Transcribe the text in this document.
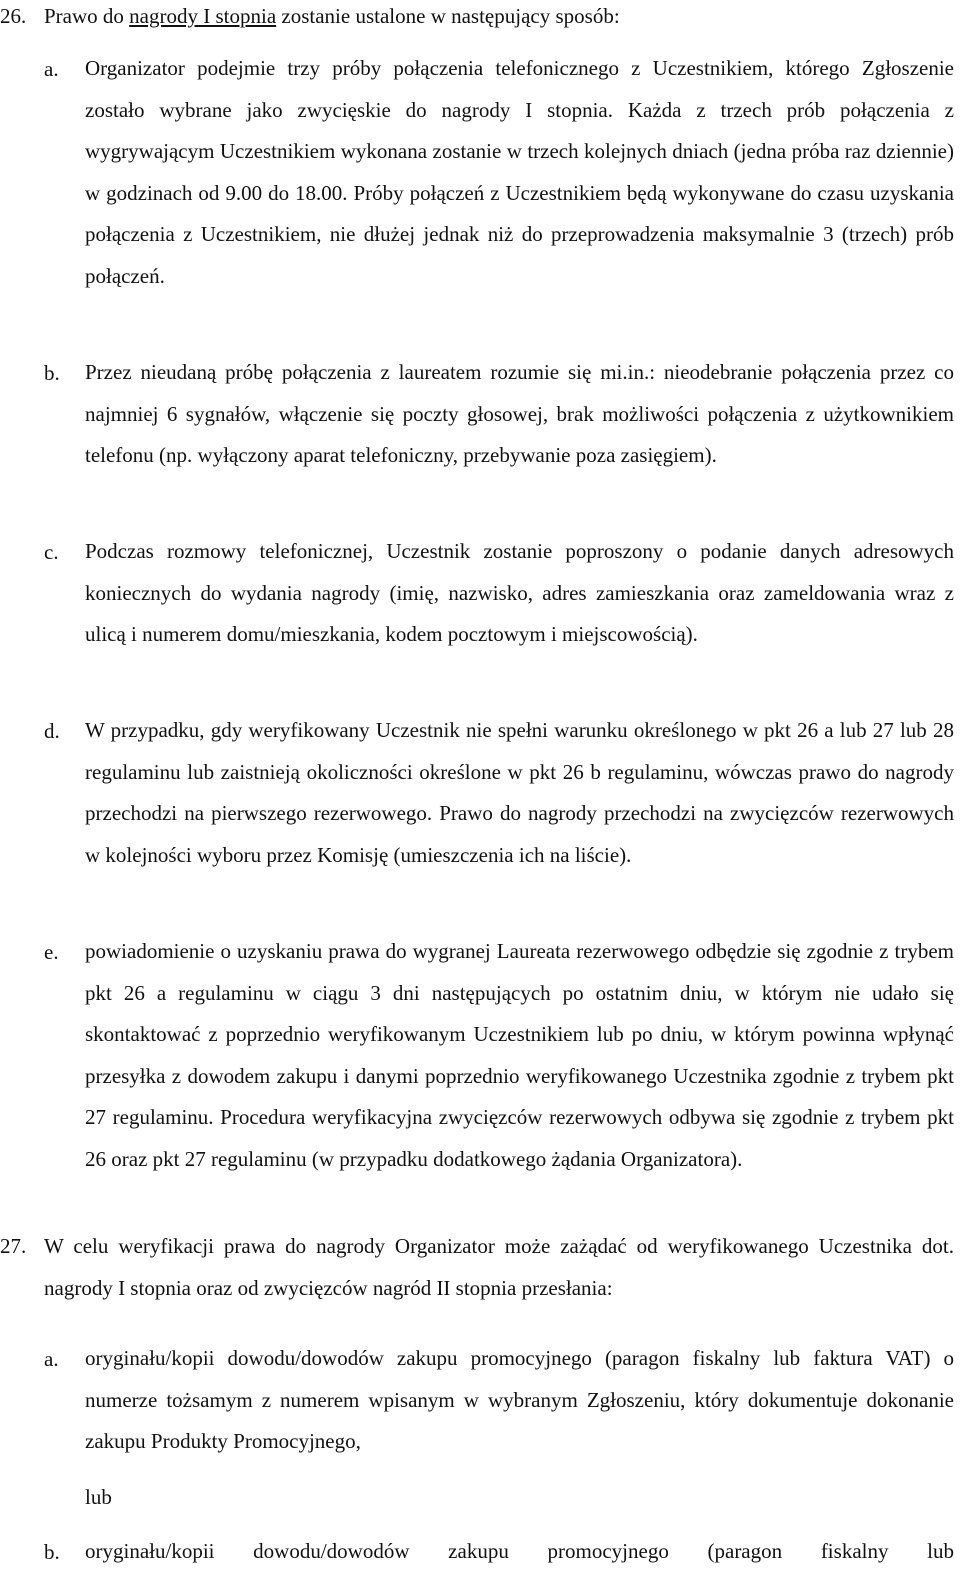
26. Prawo do nagrody I stopnia zostanie ustalone w następujący sposób:
a. Organizator podejmie trzy próby połączenia telefonicznego z Uczestnikiem, którego Zgłoszenie zostało wybrane jako zwycięskie do nagrody I stopnia. Każda z trzech prób połączenia z wygrywającym Uczestnikiem wykonana zostanie w trzech kolejnych dniach (jedna próba raz dziennie) w godzinach od 9.00 do 18.00. Próby połączeń z Uczestnikiem będą wykonywane do czasu uzyskania połączenia z Uczestnikiem, nie dłużej jednak niż do przeprowadzenia maksymalnie 3 (trzech) prób połączeń.
b. Przez nieudaną próbę połączenia z laureatem rozumie się mi.in.: nieodebranie połączenia przez co najmniej 6 sygnałów, włączenie się poczty głosowej, brak możliwości połączenia z użytkownikiem telefonu (np. wyłączony aparat telefoniczny, przebywanie poza zasięgiem).
c. Podczas rozmowy telefonicznej, Uczestnik zostanie poproszony o podanie danych adresowych koniecznych do wydania nagrody (imię, nazwisko, adres zamieszkania oraz zameldowania wraz z ulicą i numerem domu/mieszkania, kodem pocztowym i miejscowością).
d. W przypadku, gdy weryfikowany Uczestnik nie spełni warunku określonego w pkt 26 a lub 27 lub 28 regulaminu lub zaistnieją okoliczności określone w pkt 26 b regulaminu, wówczas prawo do nagrody przechodzi na pierwszego rezerwowego. Prawo do nagrody przechodzi na zwycięzców rezerwowych w kolejności wyboru przez Komisję (umieszczenia ich na liście).
e. powiadomienie o uzyskaniu prawa do wygranej Laureata rezerwowego odbędzie się zgodnie z trybem pkt 26 a regulaminu w ciągu 3 dni następujących po ostatnim dniu, w którym nie udało się skontaktować z poprzednio weryfikowanym Uczestnikiem lub po dniu, w którym powinna wpłynąć przesyłka z dowodem zakupu i danymi poprzednio weryfikowanego Uczestnika zgodnie z trybem pkt 27 regulaminu. Procedura weryfikacyjna zwycięzców rezerwowych odbywa się zgodnie z trybem pkt 26 oraz pkt 27 regulaminu (w przypadku dodatkowego żądania Organizatora).
27. W celu weryfikacji prawa do nagrody Organizator może zażądać od weryfikowanego Uczestnika dot. nagrody I stopnia oraz od zwycięzców nagród II stopnia przesłania:
a. oryginału/kopii dowodu/dowodów zakupu promocyjnego (paragon fiskalny lub faktura VAT) o numerze tożsamym z numerem wpisanym w wybranym Zgłoszeniu, który dokumentuje dokonanie zakupu Produkty Promocyjnego,
lub
b. oryginału/kopii dowodu/dowodów zakupu promocyjnego (paragon fiskalny lub
